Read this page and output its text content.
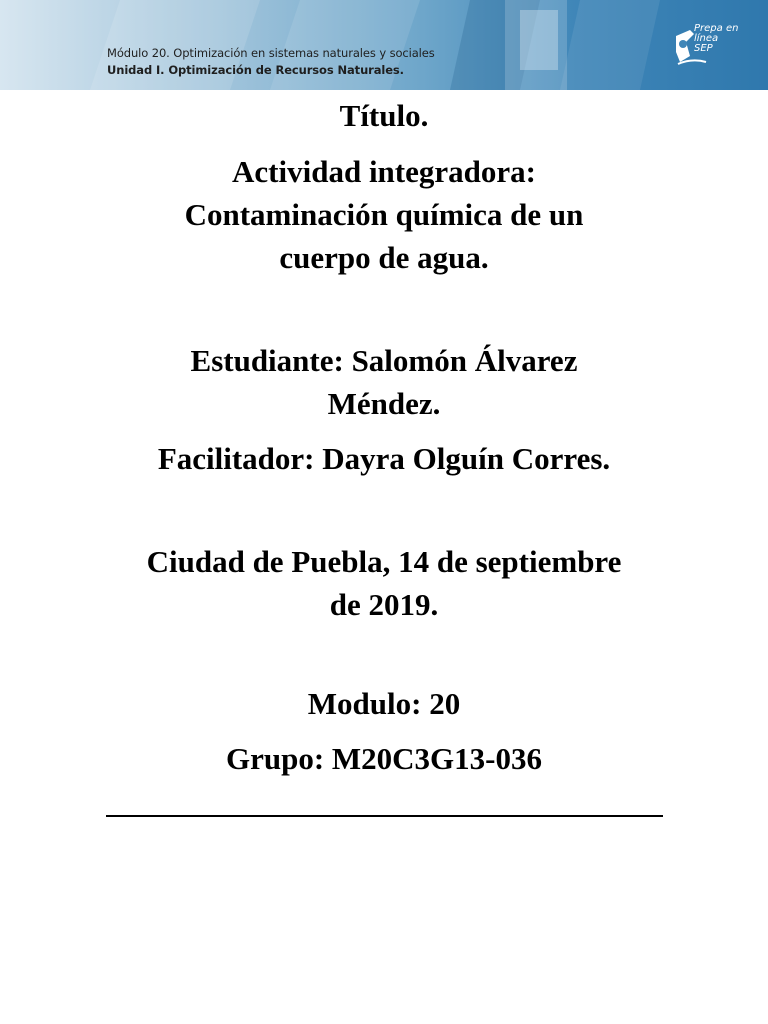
Módulo 20. Optimización en sistemas naturales y sociales
Unidad I. Optimización de Recursos Naturales.
Prepa en
línea
SEP

Título.

Actividad integradora:
Contaminación química de un
cuerpo de agua.

Estudiante: Salomón Álvarez
Méndez.

Facilitador: Dayra Olguín Corres.

Ciudad de Puebla, 14 de septiembre
de 2019.

Modulo: 20

Grupo: M20C3G13-036
